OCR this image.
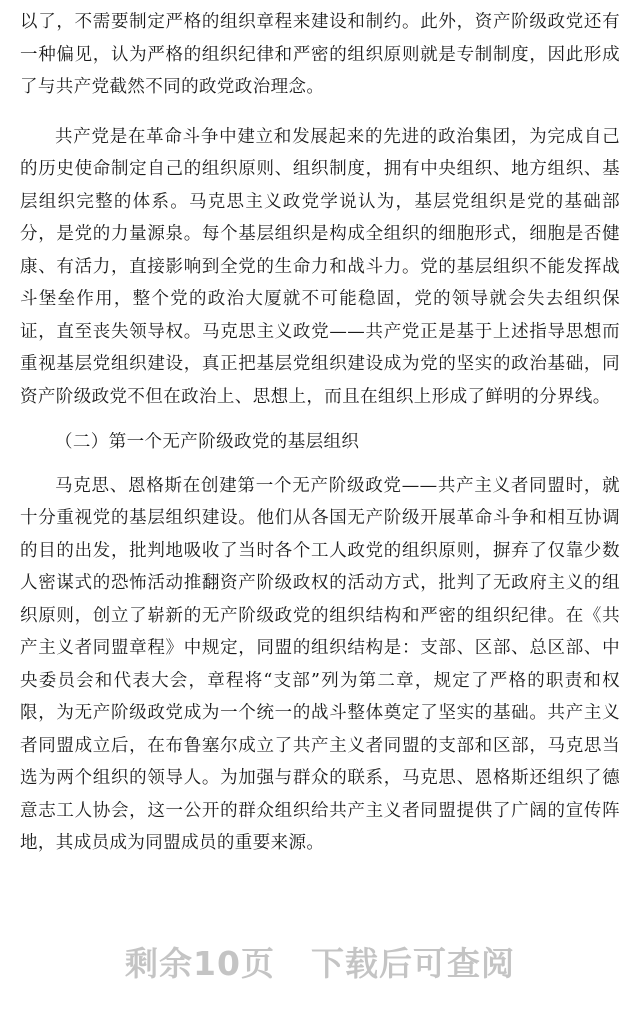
以了，不需要制定严格的组织章程来建设和制约。此外，资产阶级政党还有一种偏见，认为严格的组织纪律和严密的组织原则就是专制制度，因此形成了与共产党截然不同的政党政治理念。

共产党是在革命斗争中建立和发展起来的先进的政治集团，为完成自己的历史使命制定自己的组织原则、组织制度，拥有中央组织、地方组织、基层组织完整的体系。马克思主义政党学说认为，基层党组织是党的基础部分，是党的力量源泉。每个基层组织是构成全组织的细胞形式，细胞是否健康、有活力，直接影响到全党的生命力和战斗力。党的基层组织不能发挥战斗堡垒作用，整个党的政治大厦就不可能稳固，党的领导就会失去组织保证，直至丧失领导权。马克思主义政党——共产党正是基于上述指导思想而重视基层党组织建设，真正把基层党组织建设成为党的坚实的政治基础，同资产阶级政党不但在政治上、思想上，而且在组织上形成了鲜明的分界线。

（二）第一个无产阶级政党的基层组织

马克思、恩格斯在创建第一个无产阶级政党——共产主义者同盟时，就十分重视党的基层组织建设。他们从各国无产阶级开展革命斗争和相互协调的目的出发，批判地吸收了当时各个工人政党的组织原则，摒弃了仅靠少数人密谋式的恐怖活动推翻资产阶级政权的活动方式，批判了无政府主义的组织原则，创立了崭新的无产阶级政党的组织结构和严密的组织纪律。在《共产主义者同盟章程》中规定，同盟的组织结构是：支部、区部、总区部、中央委员会和代表大会，章程将“支部”列为第二章，规定了严格的职责和权限，为无产阶级政党成为一个统一的战斗整体奠定了坚实的基础。共产主义者同盟成立后，在布鲁塞尔成立了共产主义者同盟的支部和区部，马克思当选为两个组织的领导人。为加强与群众的联系，马克思、恩格斯还组织了德意志工人协会，这一公开的群众组织给共产主义者同盟提供了广阔的宣传阵地，其成员成为同盟成员的重要来源。

剩余10页 下载后可查阅
